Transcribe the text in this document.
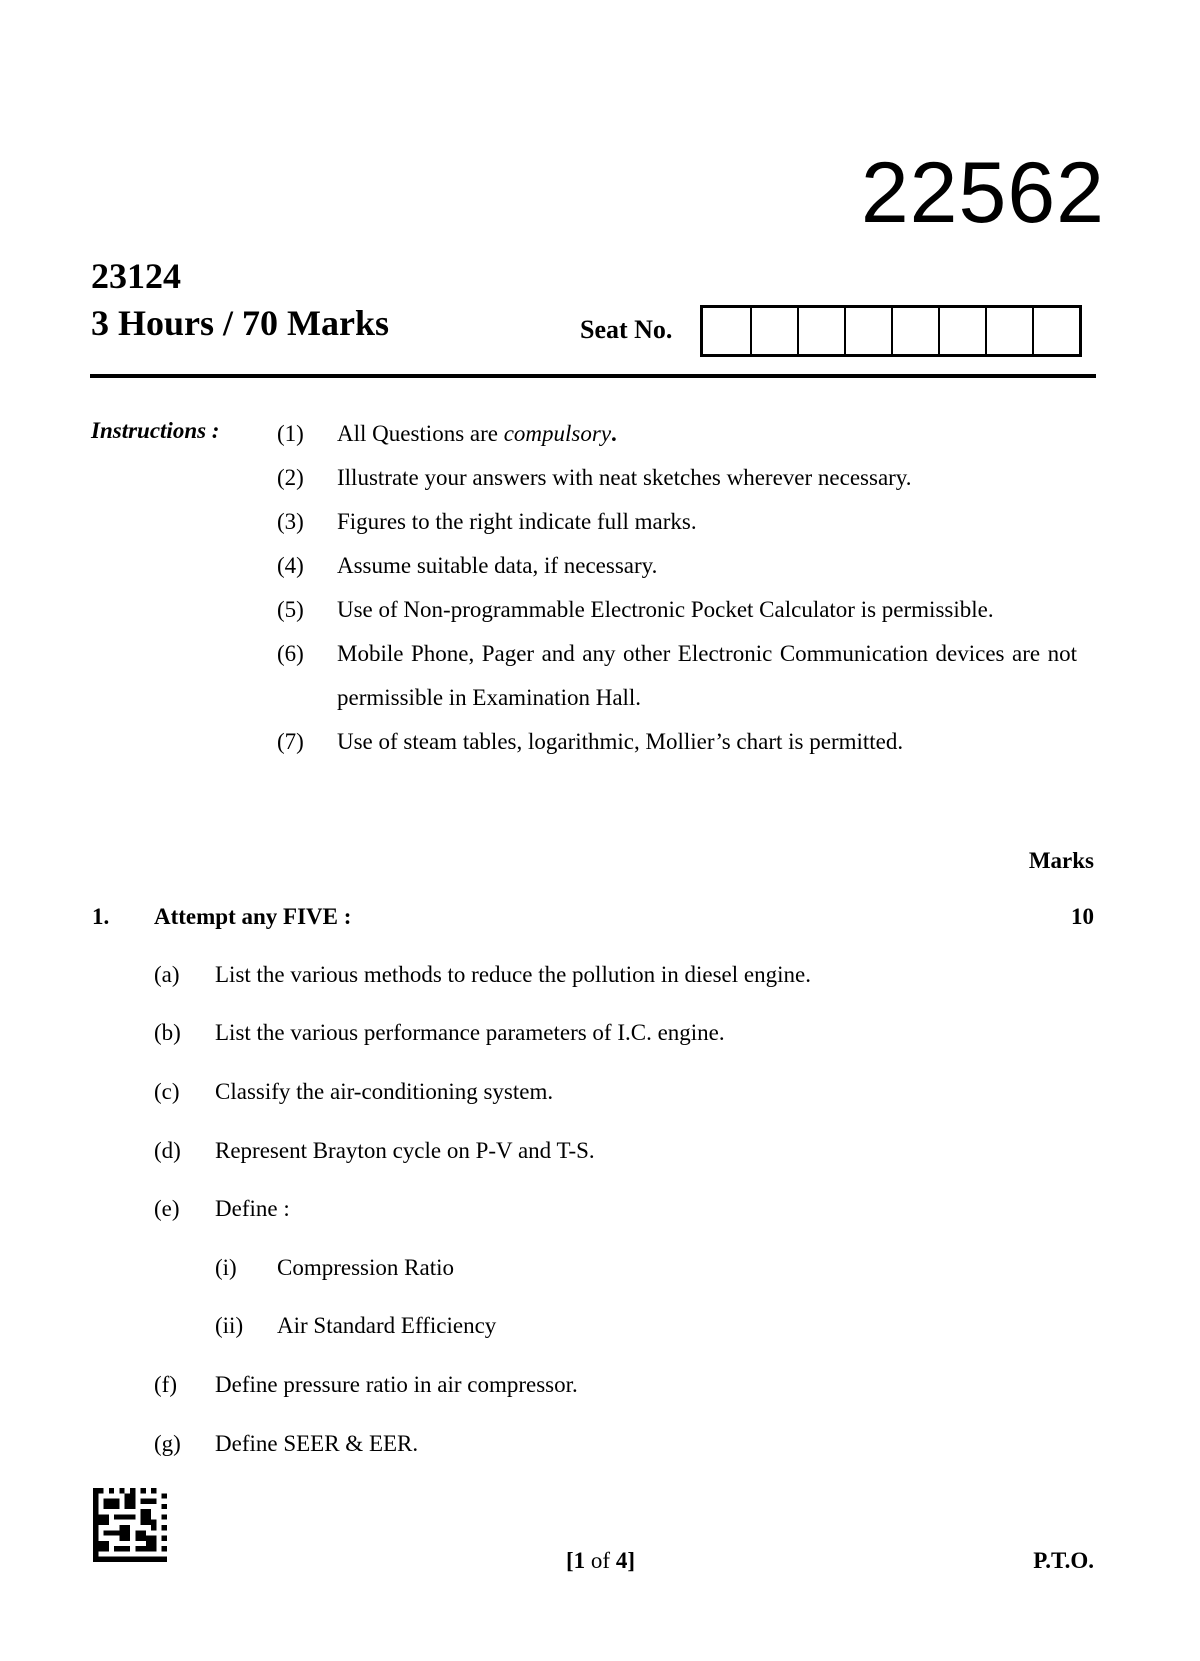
22562
23124
3 Hours / 70 Marks	Seat No.
Instructions :	(1)	All Questions are compulsory.
(2)	Illustrate your answers with neat sketches wherever necessary.
(3)	Figures to the right indicate full marks.
(4)	Assume suitable data, if necessary.
(5)	Use of Non-programmable Electronic Pocket Calculator is permissible.
(6)	Mobile Phone, Pager and any other Electronic Communication devices are not permissible in Examination Hall.
(7)	Use of steam tables, logarithmic, Mollier’s chart is permitted.
Marks
1. Attempt any FIVE :	10
(a) List the various methods to reduce the pollution in diesel engine.
(b) List the various performance parameters of I.C. engine.
(c) Classify the air-conditioning system.
(d) Represent Brayton cycle on P-V and T-S.
(e) Define :
(i) Compression Ratio
(ii) Air Standard Efficiency
(f) Define pressure ratio in air compressor.
(g) Define SEER & EER.
[1 of 4]	P.T.O.
